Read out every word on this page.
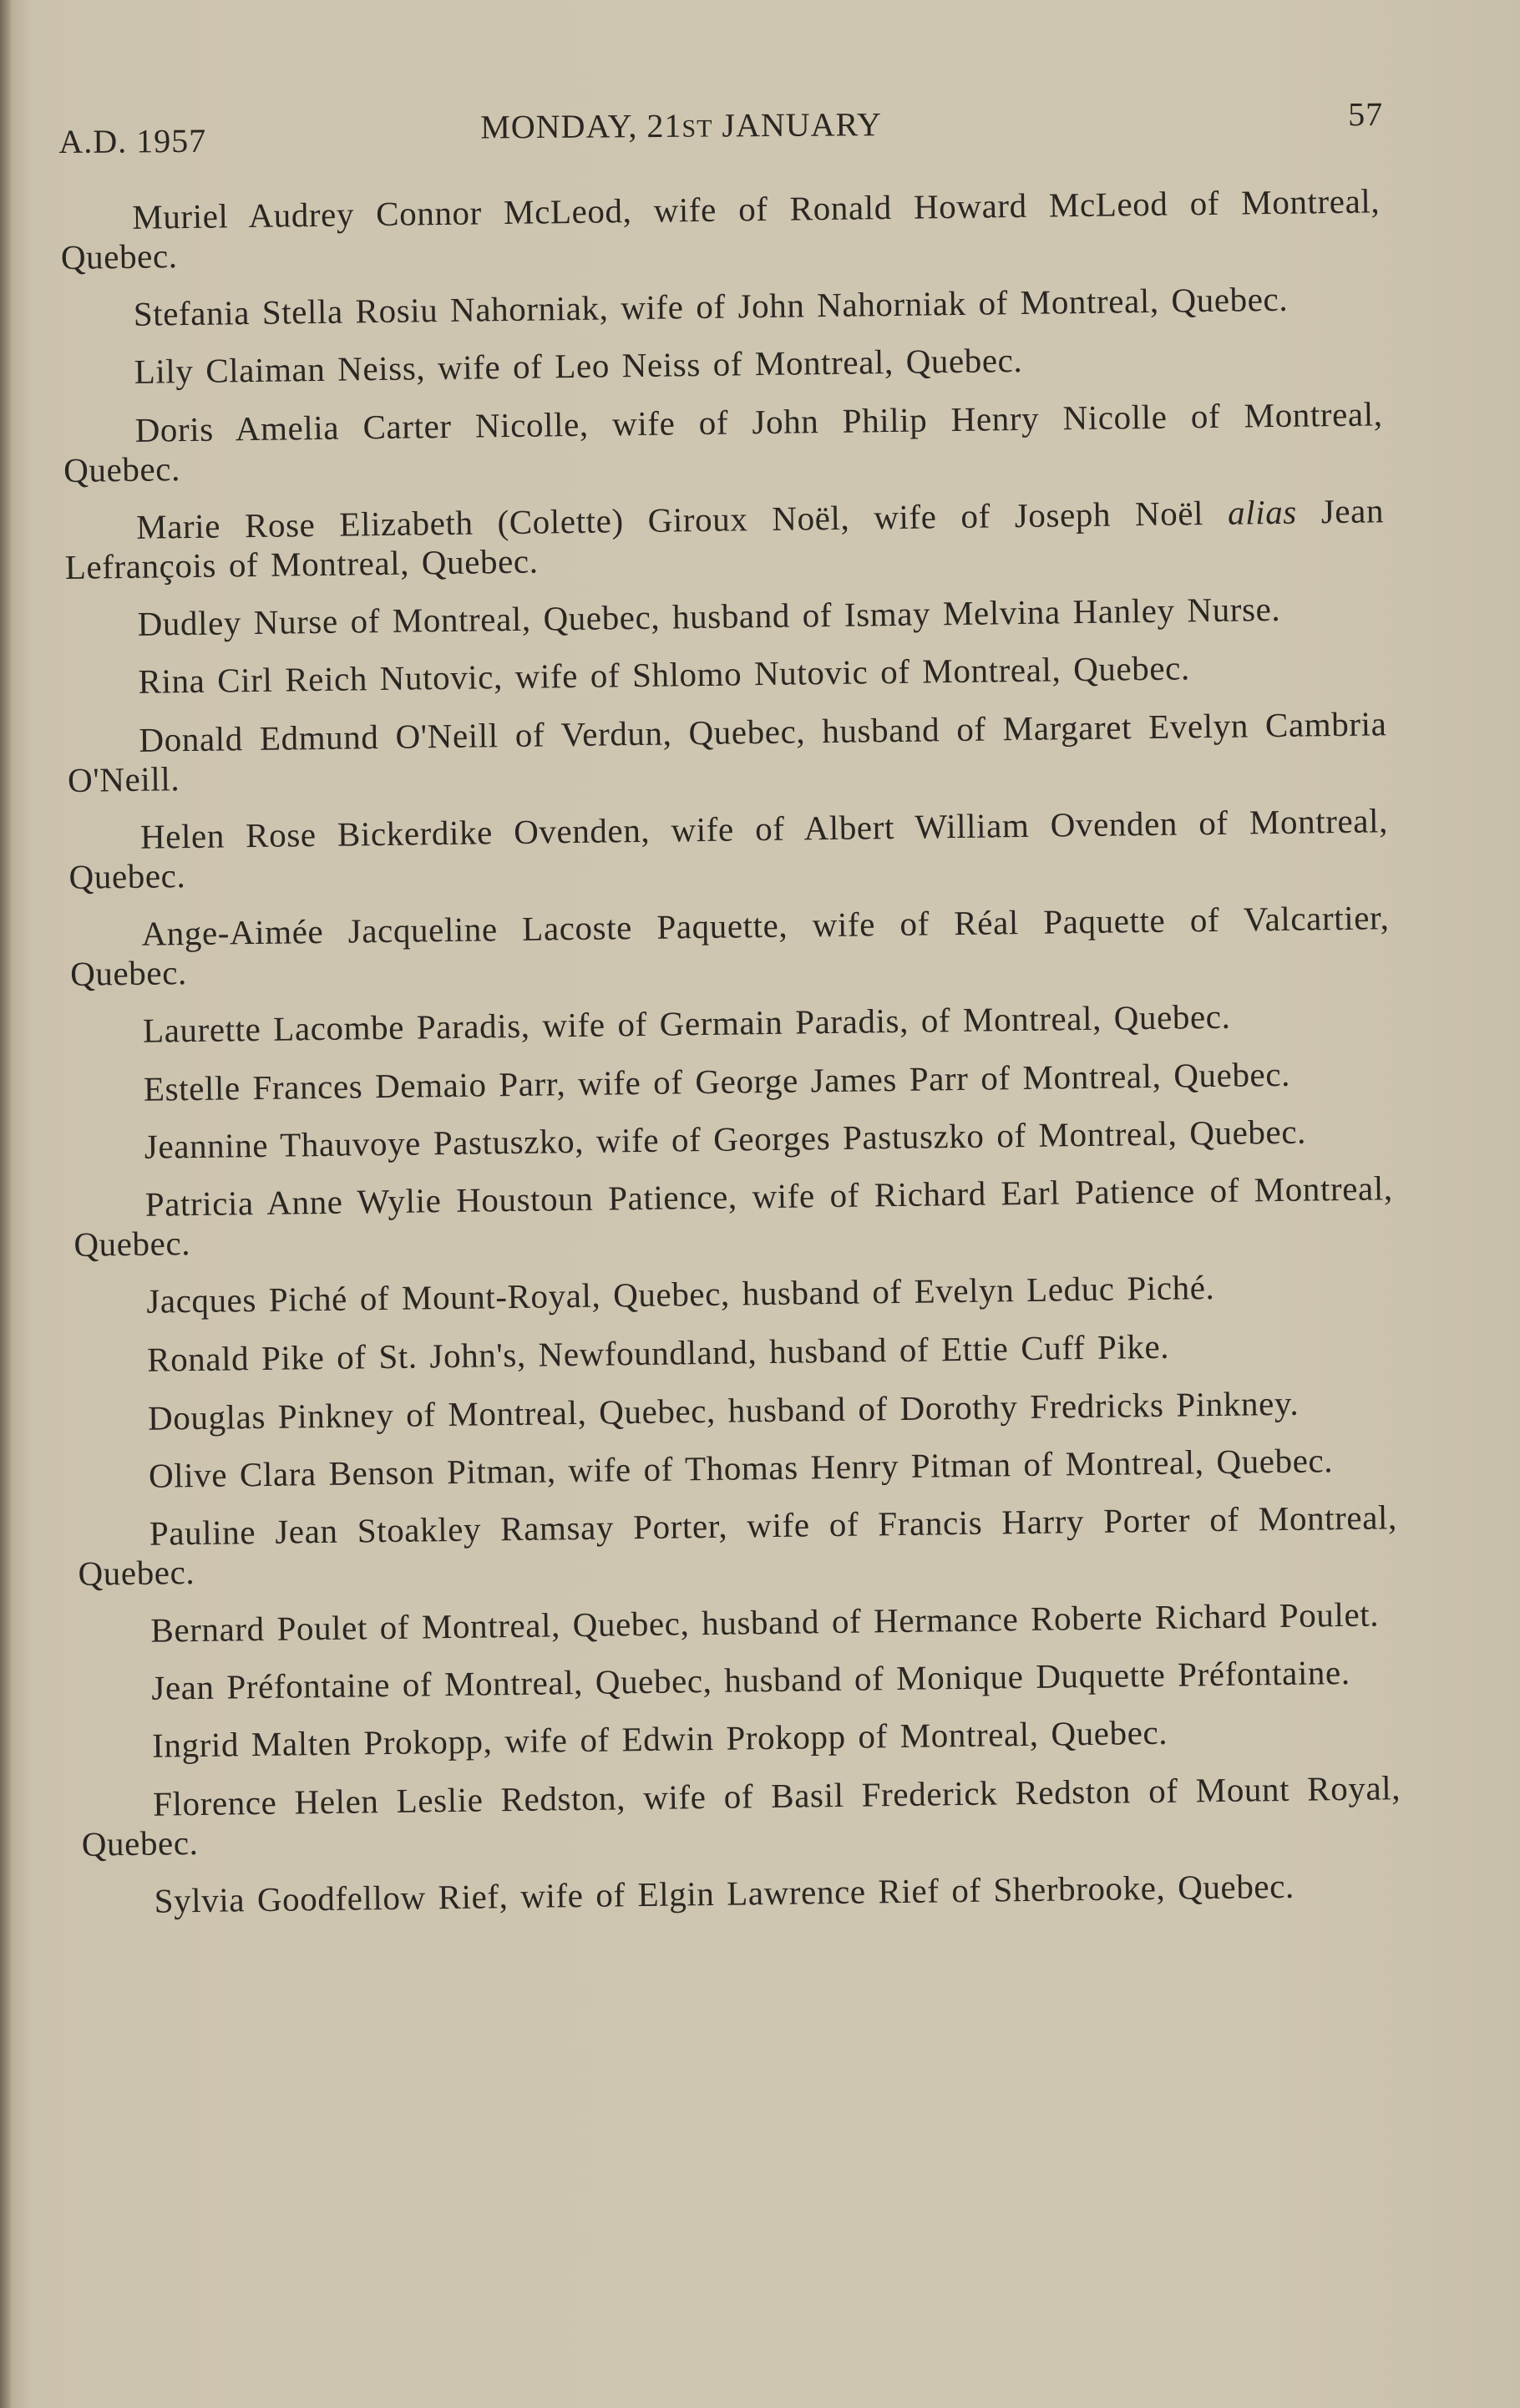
A.D. 1957	MONDAY, 21ST JANUARY	57

Muriel Audrey Connor McLeod, wife of Ronald Howard McLeod of Montreal, Quebec.

Stefania Stella Rosiu Nahorniak, wife of John Nahorniak of Montreal, Quebec.

Lily Claiman Neiss, wife of Leo Neiss of Montreal, Quebec.

Doris Amelia Carter Nicolle, wife of John Philip Henry Nicolle of Montreal, Quebec.

Marie Rose Elizabeth (Colette) Giroux Noël, wife of Joseph Noël alias Jean Lefrançois of Montreal, Quebec.

Dudley Nurse of Montreal, Quebec, husband of Ismay Melvina Hanley Nurse.

Rina Cirl Reich Nutovic, wife of Shlomo Nutovic of Montreal, Quebec.

Donald Edmund O'Neill of Verdun, Quebec, husband of Margaret Evelyn Cambria O'Neill.

Helen Rose Bickerdike Ovenden, wife of Albert William Ovenden of Montreal, Quebec.

Ange-Aimée Jacqueline Lacoste Paquette, wife of Réal Paquette of Valcartier, Quebec.

Laurette Lacombe Paradis, wife of Germain Paradis, of Montreal, Quebec.

Estelle Frances Demaio Parr, wife of George James Parr of Montreal, Quebec.

Jeannine Thauvoye Pastuszko, wife of Georges Pastuszko of Montreal, Quebec.

Patricia Anne Wylie Houstoun Patience, wife of Richard Earl Patience of Montreal, Quebec.

Jacques Piché of Mount-Royal, Quebec, husband of Evelyn Leduc Piché.

Ronald Pike of St. John's, Newfoundland, husband of Ettie Cuff Pike.

Douglas Pinkney of Montreal, Quebec, husband of Dorothy Fredricks Pinkney.

Olive Clara Benson Pitman, wife of Thomas Henry Pitman of Montreal, Quebec.

Pauline Jean Stoakley Ramsay Porter, wife of Francis Harry Porter of Montreal, Quebec.

Bernard Poulet of Montreal, Quebec, husband of Hermance Roberte Richard Poulet.

Jean Préfontaine of Montreal, Quebec, husband of Monique Duquette Préfontaine.

Ingrid Malten Prokopp, wife of Edwin Prokopp of Montreal, Quebec.

Florence Helen Leslie Redston, wife of Basil Frederick Redston of Mount Royal, Quebec.

Sylvia Goodfellow Rief, wife of Elgin Lawrence Rief of Sherbrooke, Quebec.
